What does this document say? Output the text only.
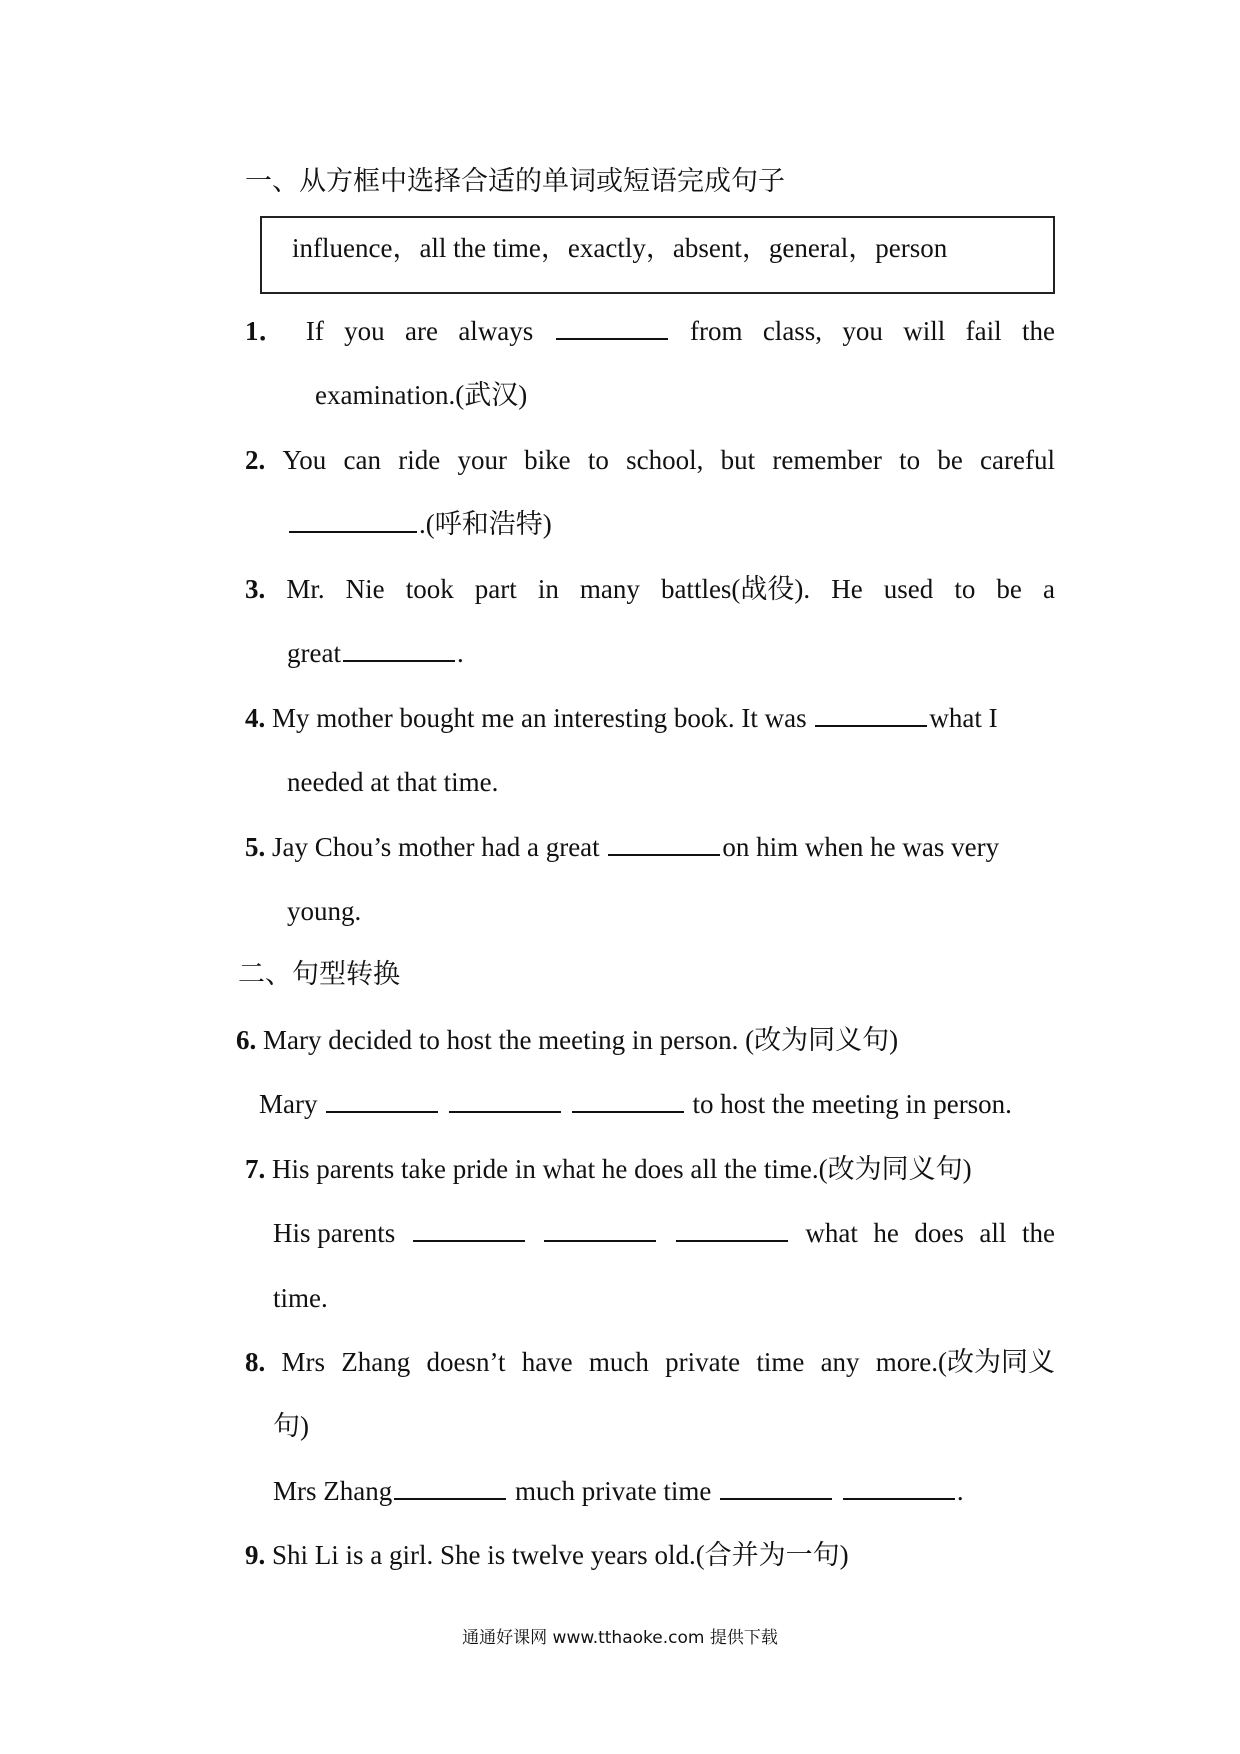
一、从方框中选择合适的单词或短语完成句子
influence，all the time，exactly，absent，general，person
1． If you are always	from class, you will fail the
examination.(武汉)
2. You can ride your bike to school, but remember to be careful
.(呼和浩特)
3. Mr. Nie took part in many battles(战役). He used to be a
great	.
4. My mother bought me an interesting book. It was	what I
needed at that time.
5. Jay Chou’s mother had a great	on him when he was very
young.
二、句型转换
6. Mary decided to host the meeting in person. (改为同义句)
Mary	to host the meeting in person.
7. His parents take pride in what he does all the time.(改为同义句)
His parents	what he does all the
time.
8. Mrs Zhang doesn’t have much private time any more.(改为同义
句)
Mrs Zhang	much private time	.
9. Shi Li is a girl. She is twelve years old.(合并为一句)
通通好课网 www.tthaoke.com 提供下载
